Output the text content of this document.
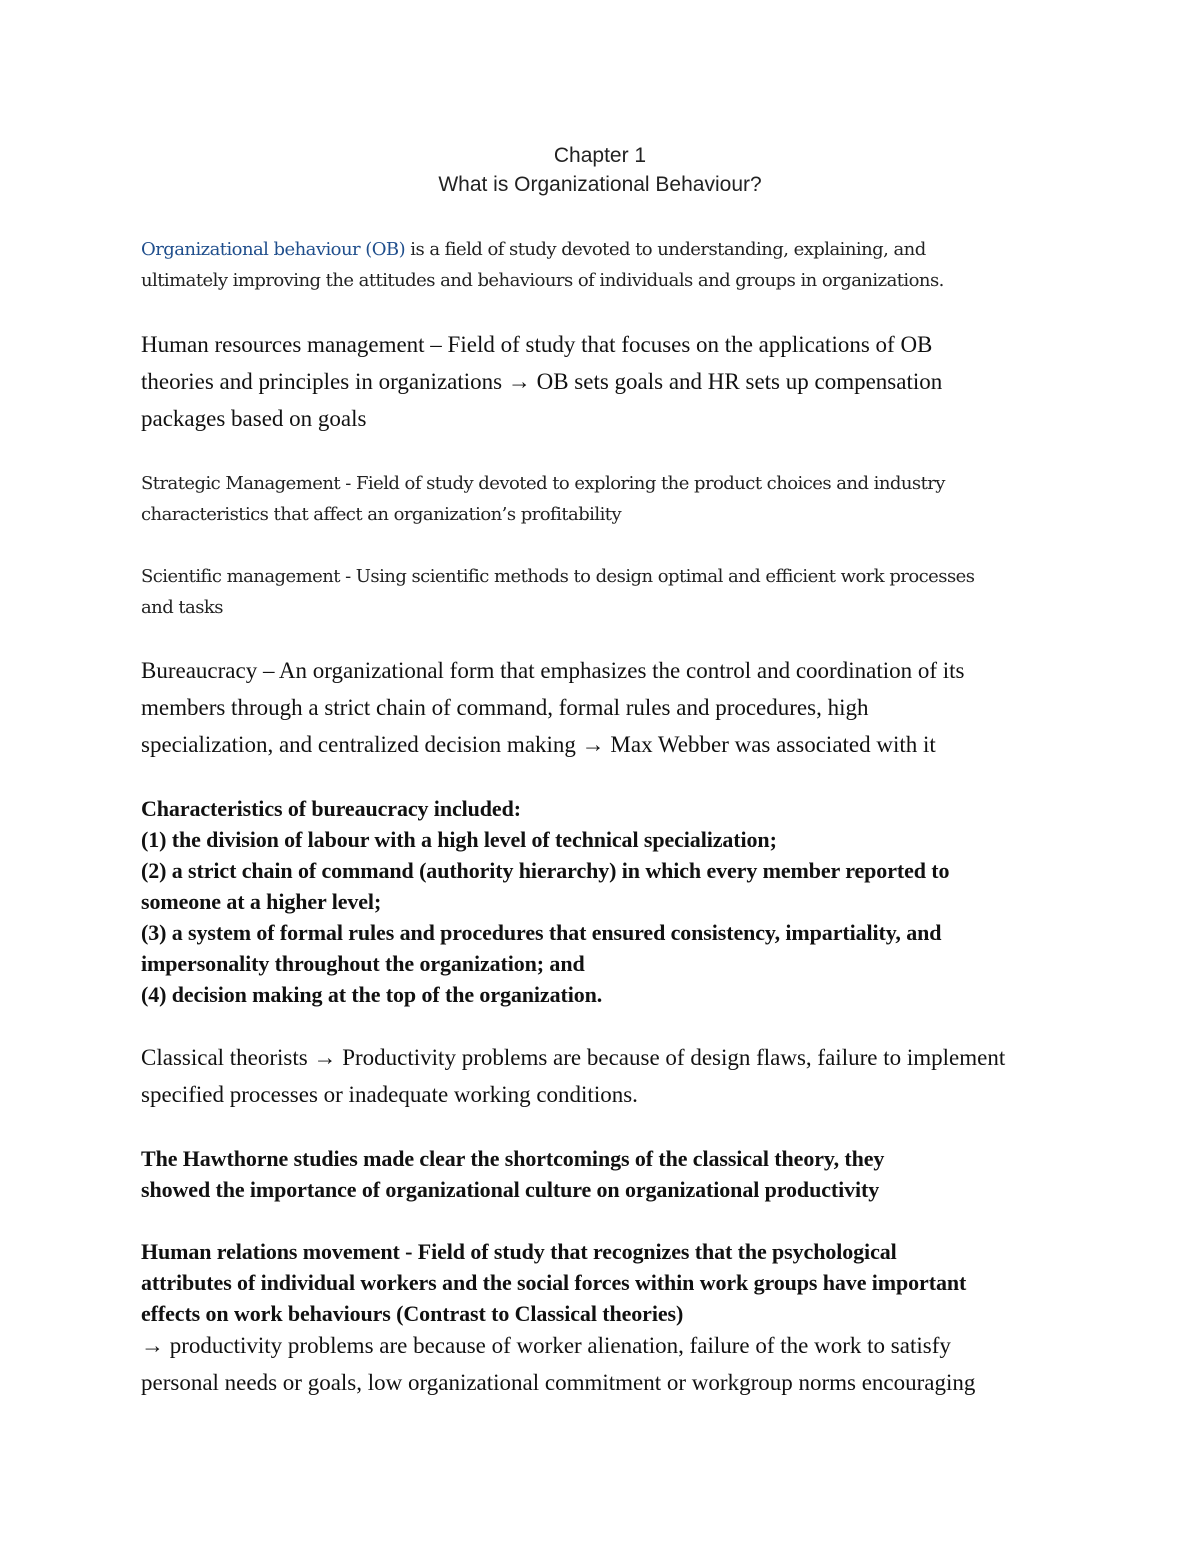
Chapter 1
What is Organizational Behaviour?
Organizational behaviour (OB) is a field of study devoted to understanding, explaining, and
ultimately improving the attitudes and behaviours of individuals and groups in organizations.
Human resources management – Field of study that focuses on the applications of OB
theories and principles in organizations → OB sets goals and HR sets up compensation
packages based on goals
Strategic Management - Field of study devoted to exploring the product choices and industry
characteristics that affect an organization’s profitability
Scientific management - Using scientific methods to design optimal and efficient work processes
and tasks
Bureaucracy – An organizational form that emphasizes the control and coordination of its
members through a strict chain of command, formal rules and procedures, high
specialization, and centralized decision making → Max Webber was associated with it
Characteristics of bureaucracy included:
(1) the division of labour with a high level of technical specialization;
(2) a strict chain of command (authority hierarchy) in which every member reported to
someone at a higher level;
(3) a system of formal rules and procedures that ensured consistency, impartiality, and
impersonality throughout the organization; and
(4) decision making at the top of the organization.
Classical theorists → Productivity problems are because of design flaws, failure to implement
specified processes or inadequate working conditions.
The Hawthorne studies made clear the shortcomings of the classical theory, they
showed the importance of organizational culture on organizational productivity
Human relations movement - Field of study that recognizes that the psychological
attributes of individual workers and the social forces within work groups have important
effects on work behaviours (Contrast to Classical theories)
→ productivity problems are because of worker alienation, failure of the work to satisfy
personal needs or goals, low organizational commitment or workgroup norms encouraging
